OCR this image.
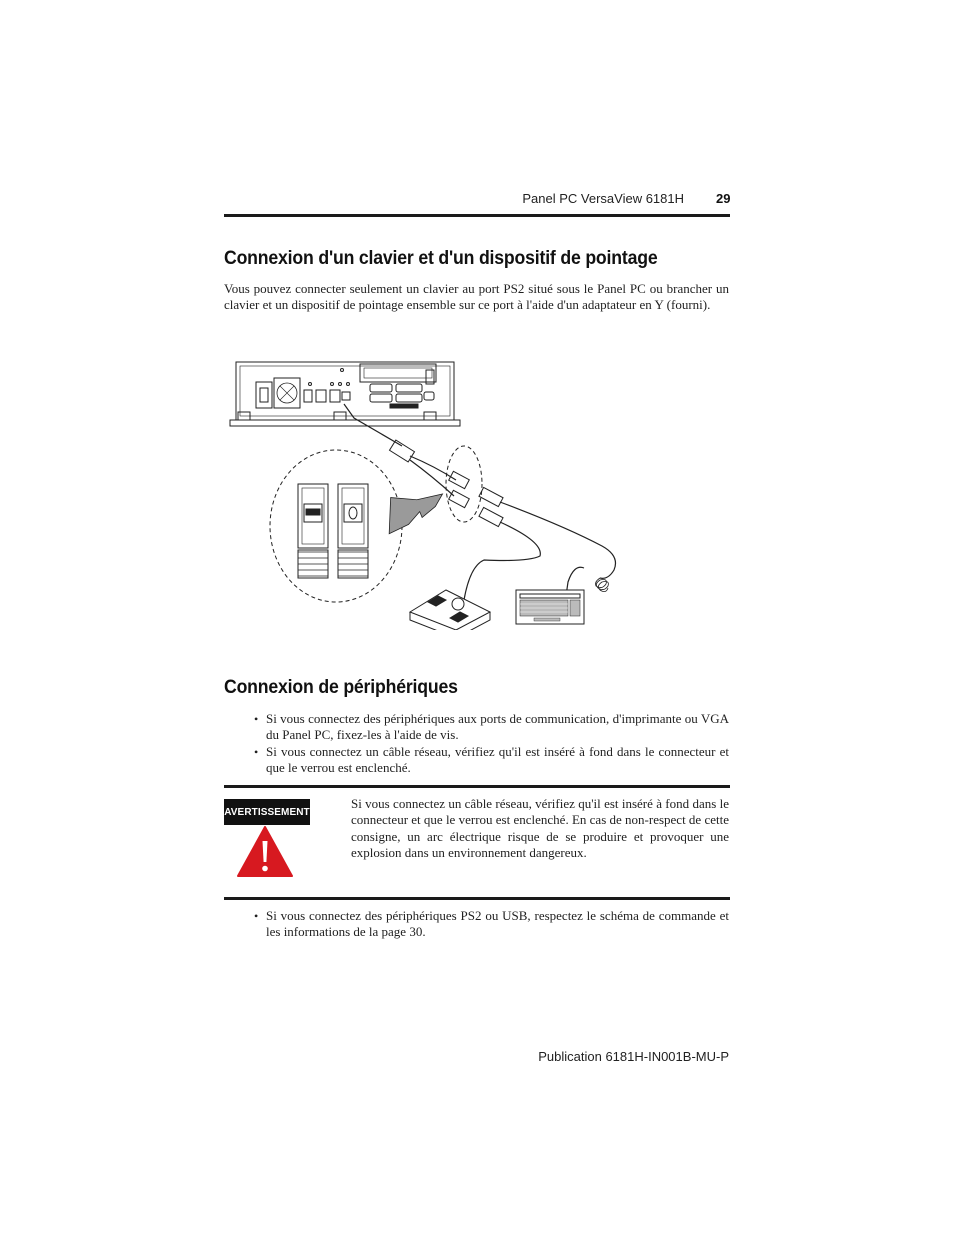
Panel PC VersaView 6181H 29
Connexion d'un clavier et d'un dispositif de pointage
Vous pouvez connecter seulement un clavier au port PS2 situé sous le Panel PC ou brancher un clavier et un dispositif de pointage ensemble sur ce port à l'aide d'un adaptateur en Y (fourni).
Connexion de périphériques
• Si vous connectez des périphériques aux ports de communication, d'imprimante ou VGA du Panel PC, fixez-les à l'aide de vis.
• Si vous connectez un câble réseau, vérifiez qu'il est inséré à fond dans le connecteur et que le verrou est enclenché.
AVERTISSEMENT
Si vous connectez un câble réseau, vérifiez qu'il est inséré à fond dans le connecteur et que le verrou est enclenché. En cas de non-respect de cette consigne, un arc électrique risque de se produire et provoquer une explosion dans un environnement dangereux.
• Si vous connectez des périphériques PS2 ou USB, respectez le schéma de commande et les informations de la page 30.
Publication 6181H-IN001B-MU-P
